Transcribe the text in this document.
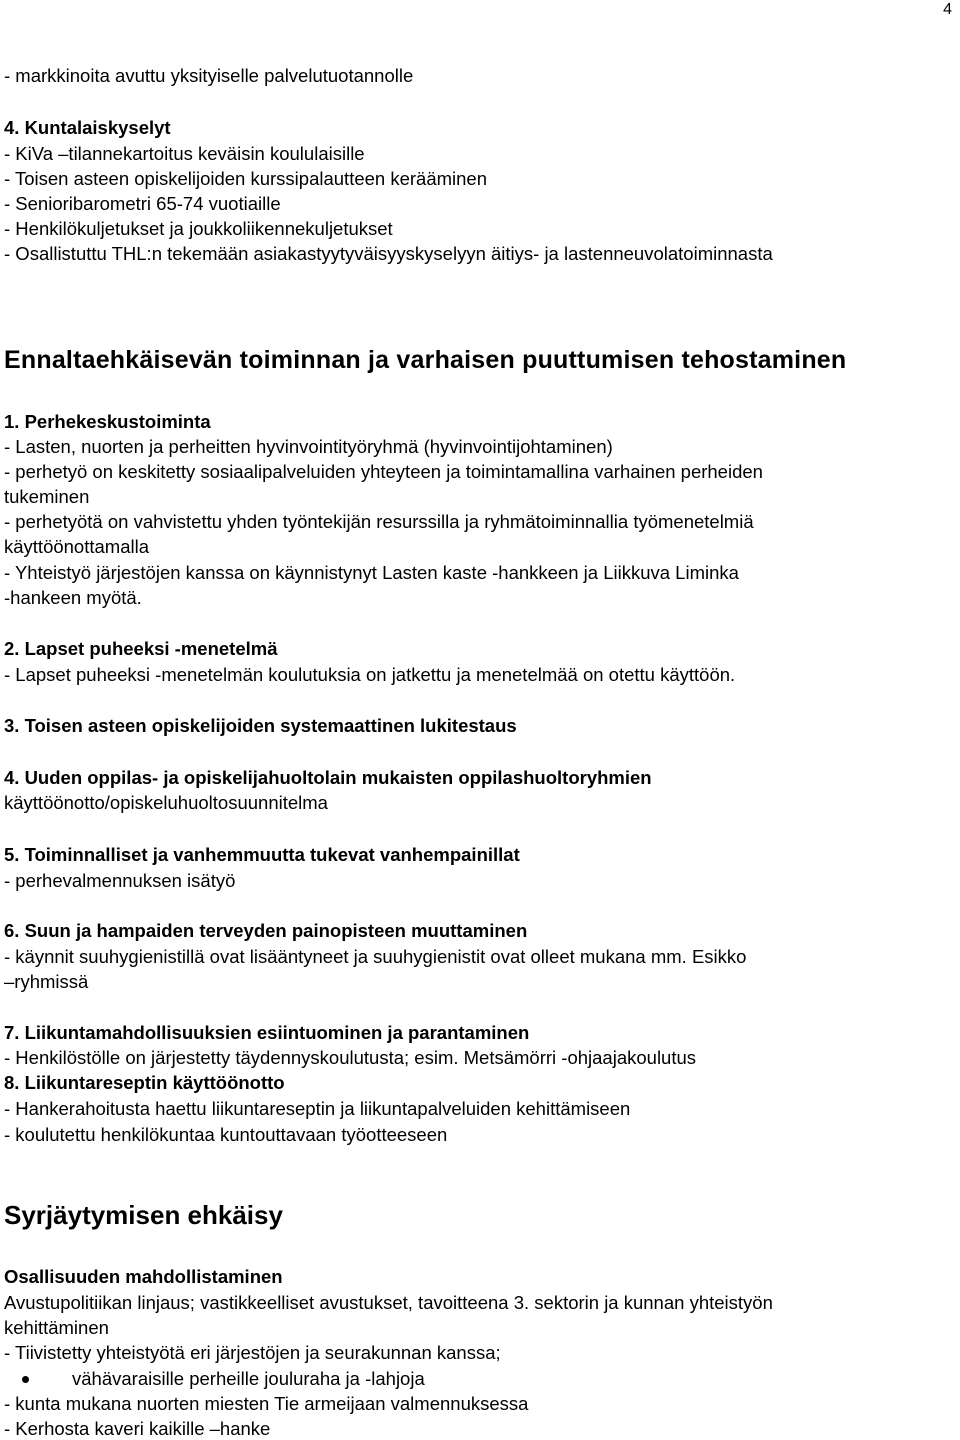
4

- markkinoita avuttu yksityiselle palvelutuotannolle

4. Kuntalaiskyselyt

- KiVa –tilannekartoitus keväisin koululaisille

- Toisen asteen opiskelijoiden kurssipalautteen kerääminen

- Senioribarometri 65-74 vuotiaille

- Henkilökuljetukset ja joukkoliikennekuljetukset

- Osallistuttu THL:n tekemään asiakastyytyväisyyskyselyyn äitiys- ja lastenneuvolatoiminnasta

Ennaltaehkäisevän toiminnan ja varhaisen puuttumisen tehostaminen

1. Perhekeskustoiminta

- Lasten, nuorten ja perheitten hyvinvointityöryhmä (hyvinvointijohtaminen)

- perhetyö on keskitetty sosiaalipalveluiden yhteyteen ja toimintamallina varhainen perheiden

tukeminen

- perhetyötä on vahvistettu yhden työntekijän resurssilla ja ryhmätoiminnallia työmenetelmiä

käyttöönottamalla

- Yhteistyö järjestöjen kanssa on käynnistynyt Lasten kaste -hankkeen ja Liikkuva Liminka

-hankeen myötä.

2. Lapset puheeksi -menetelmä

- Lapset puheeksi -menetelmän koulutuksia on jatkettu ja menetelmää on otettu käyttöön.

3. Toisen asteen opiskelijoiden systemaattinen lukitestaus

4. Uuden oppilas- ja opiskelijahuoltolain mukaisten oppilashuoltoryhmien

käyttöönotto/opiskeluhuoltosuunnitelma

5. Toiminnalliset ja vanhemmuutta tukevat vanhempainillat

- perhevalmennuksen isätyö

6. Suun ja hampaiden terveyden painopisteen muuttaminen

- käynnit suuhygienistillä ovat lisääntyneet ja suuhygienistit ovat olleet mukana mm. Esikko

–ryhmissä

7. Liikuntamahdollisuuksien esiintuominen ja parantaminen

- Henkilöstölle on järjestetty täydennyskoulutusta; esim. Metsämörri -ohjaajakoulutus

8. Liikuntareseptin käyttöönotto

- Hankerahoitusta haettu liikuntareseptin ja liikuntapalveluiden kehittämiseen

- koulutettu henkilökuntaa kuntouttavaan työotteeseen

Syrjäytymisen ehkäisy

Osallisuuden mahdollistaminen

Avustupolitiikan linjaus; vastikkeelliset avustukset, tavoitteena 3. sektorin ja kunnan yhteistyön

kehittäminen

- Tiivistetty yhteistyötä eri järjestöjen ja seurakunnan kanssa;

vähävaraisille perheille jouluraha ja -lahjoja

- kunta mukana nuorten miesten Tie armeijaan valmennuksessa

- Kerhosta kaveri kaikille –hanke
